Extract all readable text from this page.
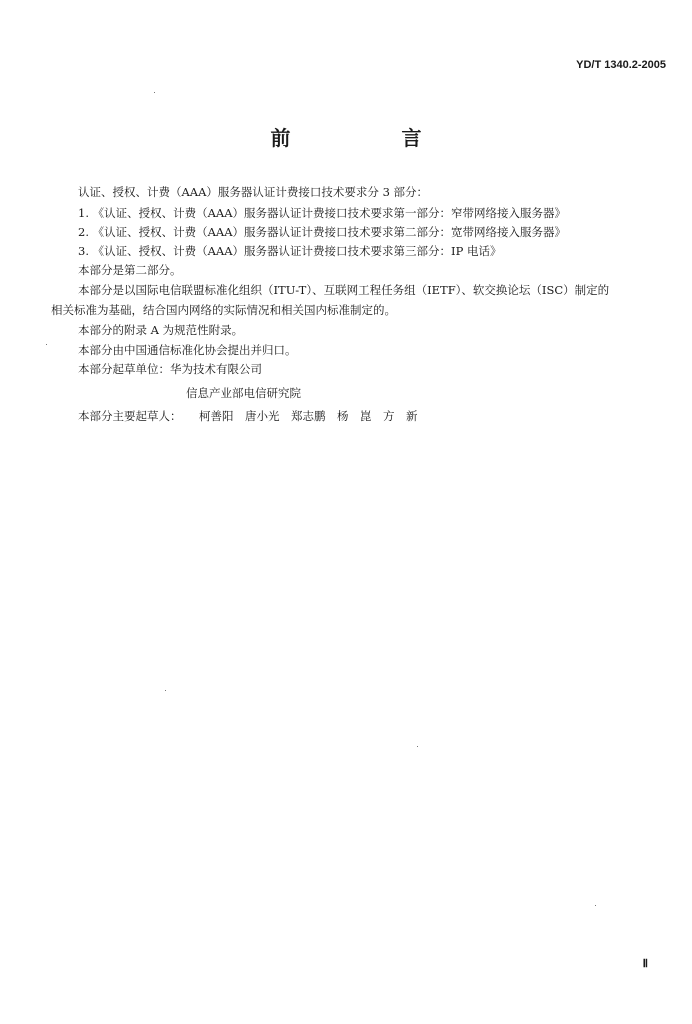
YD/T 1340.2-2005
前 言
认证、授权、计费（AAA）服务器认证计费接口技术要求分 3 部分：
1. 《认证、授权、计费（AAA）服务器认证计费接口技术要求第一部分：窄带网络接入服务器》
2. 《认证、授权、计费（AAA）服务器认证计费接口技术要求第二部分：宽带网络接入服务器》
3. 《认证、授权、计费（AAA）服务器认证计费接口技术要求第三部分：IP 电话》
本部分是第二部分。
本部分是以国际电信联盟标准化组织（ITU-T）、互联网工程任务组（IETF）、软交换论坛（ISC）制定的
相关标准为基础，结合国内网络的实际情况和相关国内标准制定的。
本部分的附录 A 为规范性附录。
本部分由中国通信标准化协会提出并归口。
本部分起草单位：华为技术有限公司
信息产业部电信研究院
本部分主要起草人： 柯善阳　唐小光　郑志鹏　杨　崑　方　新
Ⅱ
